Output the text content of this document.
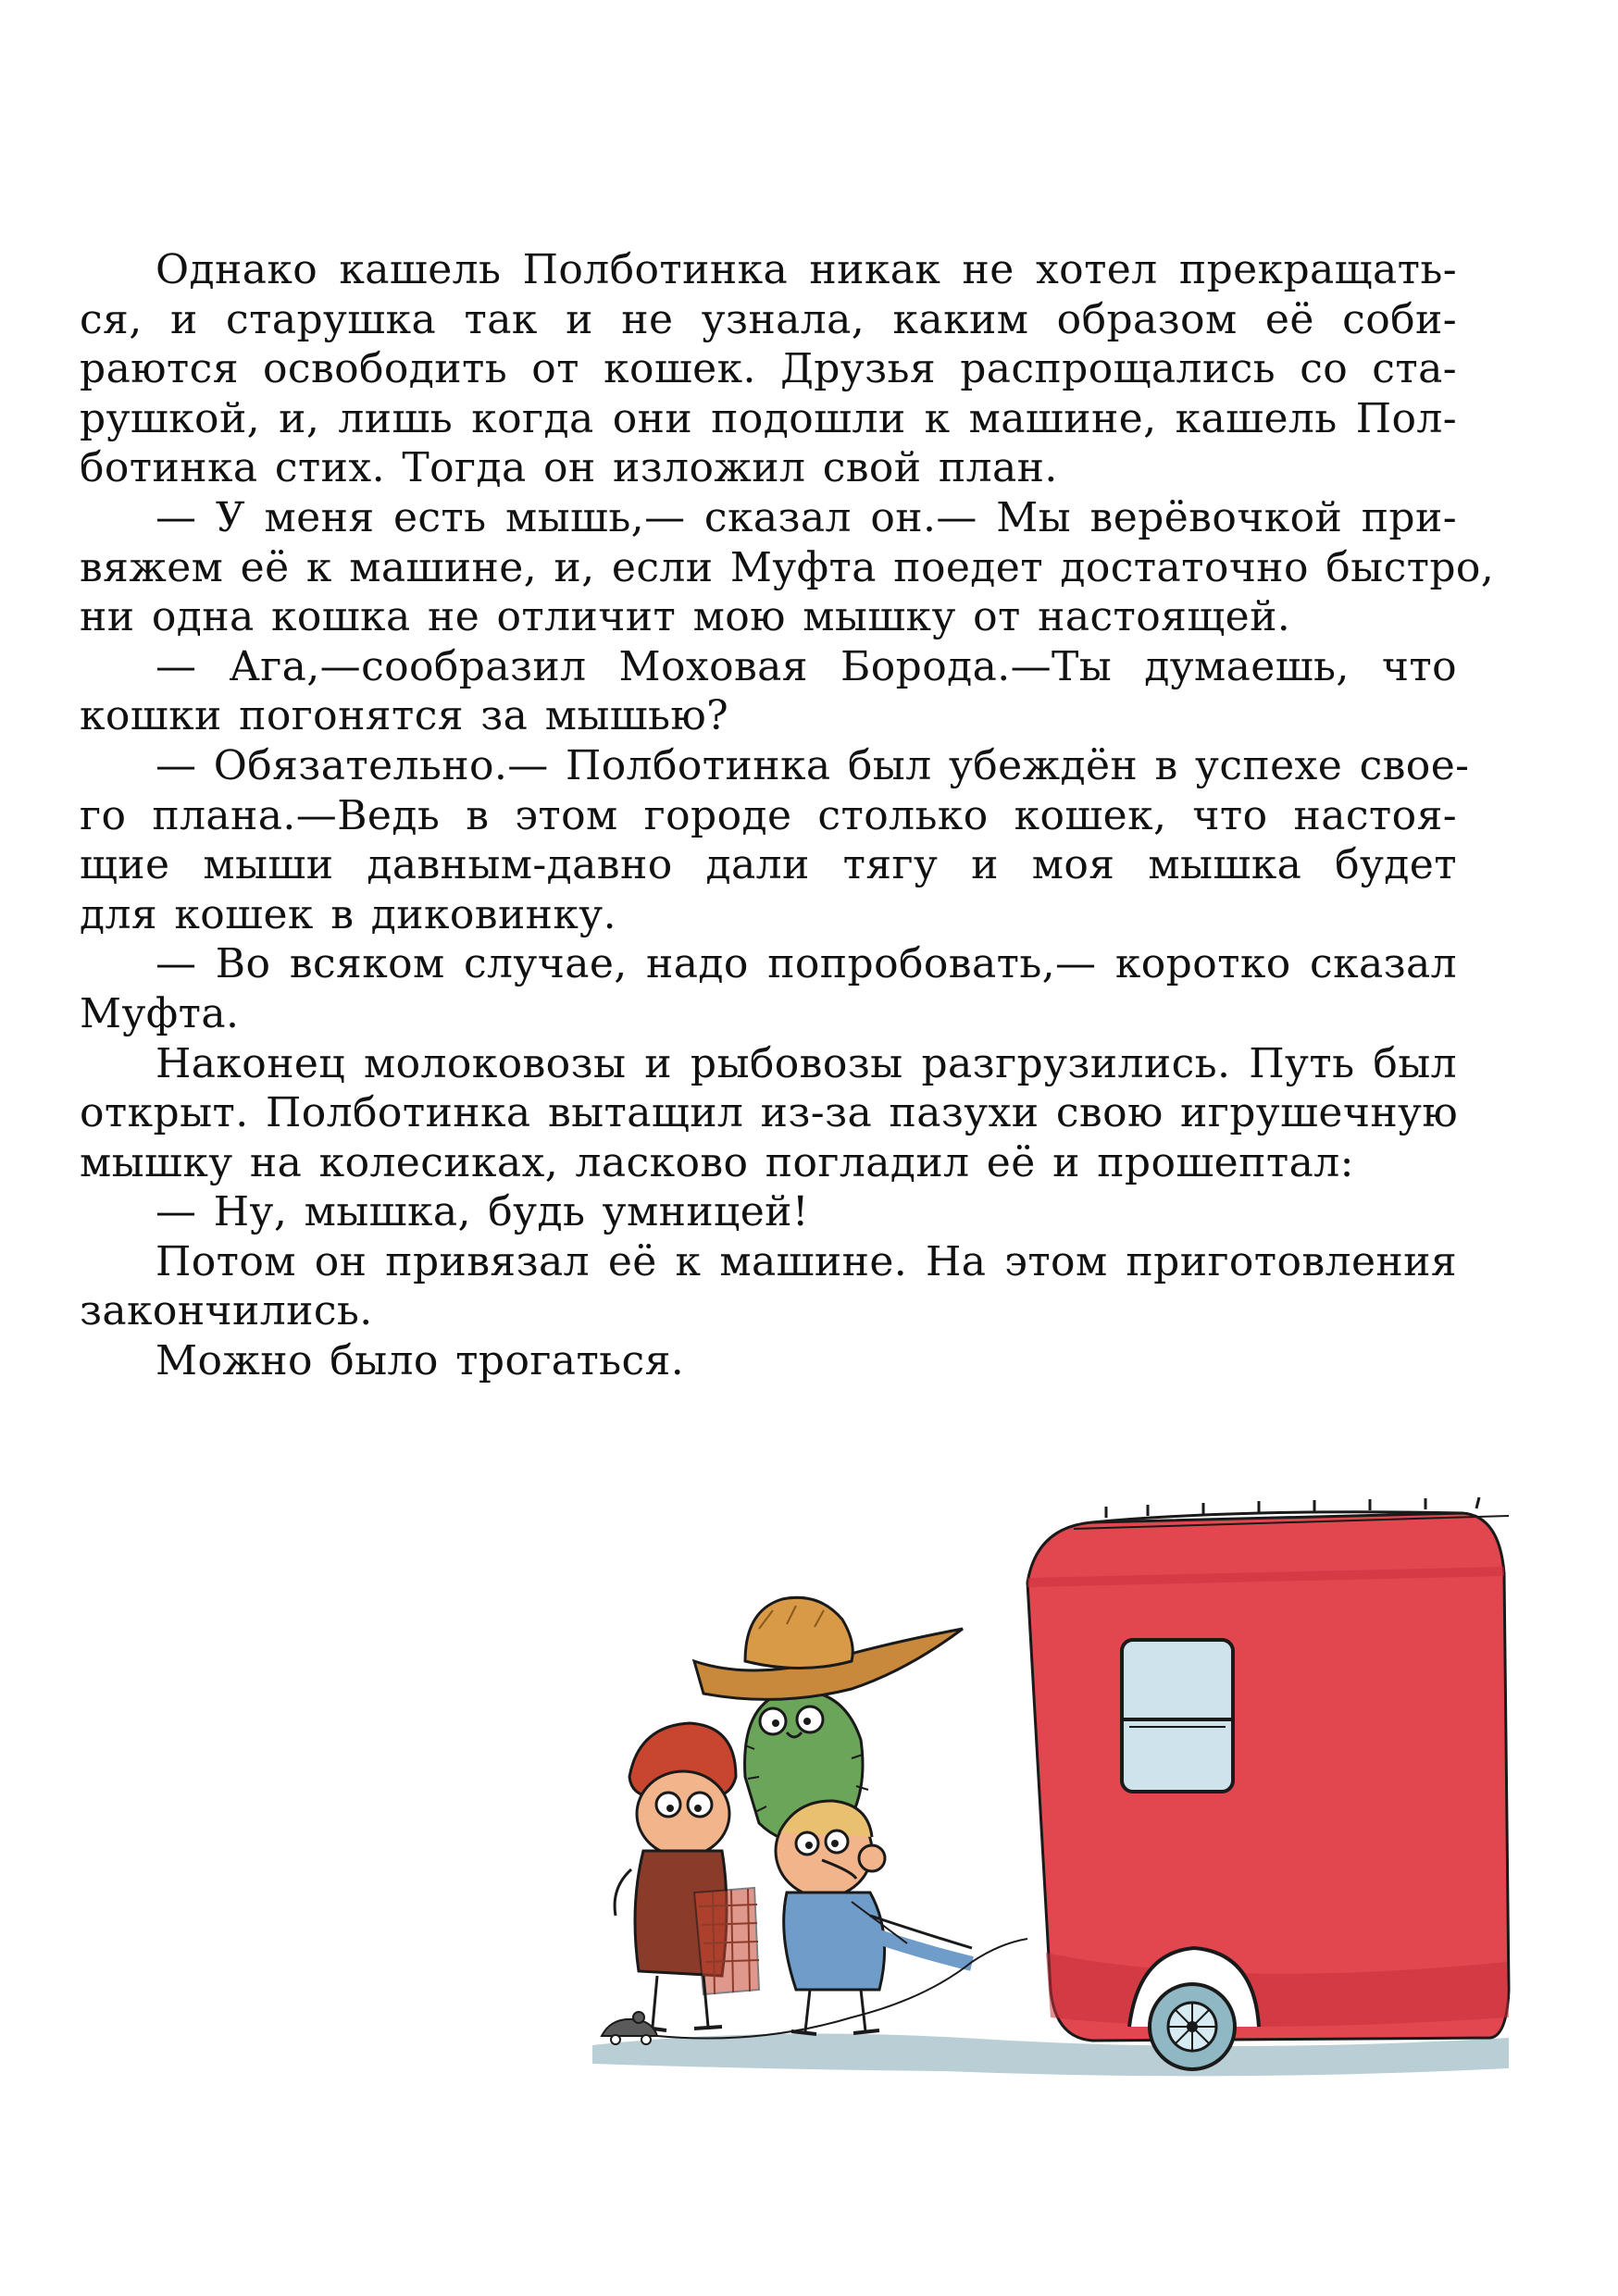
Однако кашель Полботинка никак не хотел прекращать-
ся, и старушка так и не узнала, каким образом её соби-
раются освободить от кошек. Друзья распрощались со ста-
рушкой, и, лишь когда они подошли к машине, кашель Пол-
ботинка стих. Тогда он изложил свой план.
— У меня есть мышь,— сказал он.— Мы верёвочкой при-
вяжем её к машине, и, если Муфта поедет достаточно быстро,
ни одна кошка не отличит мою мышку от настоящей.
— Ага,—сообразил Моховая Борода.—Ты думаешь, что
кошки погонятся за мышью?
— Обязательно.— Полботинка был убеждён в успехе свое-
го плана.—Ведь в этом городе столько кошек, что настоя-
щие мыши давным-давно дали тягу и моя мышка будет
для кошек в диковинку.
— Во всяком случае, надо попробовать,— коротко сказал
Муфта.
Наконец молоковозы и рыбовозы разгрузились. Путь был
открыт. Полботинка вытащил из-за пазухи свою игрушечную
мышку на колесиках, ласково погладил её и прошептал:
— Ну, мышка, будь умницей!
Потом он привязал её к машине. На этом приготовления
закончились.
Можно было трогаться.
